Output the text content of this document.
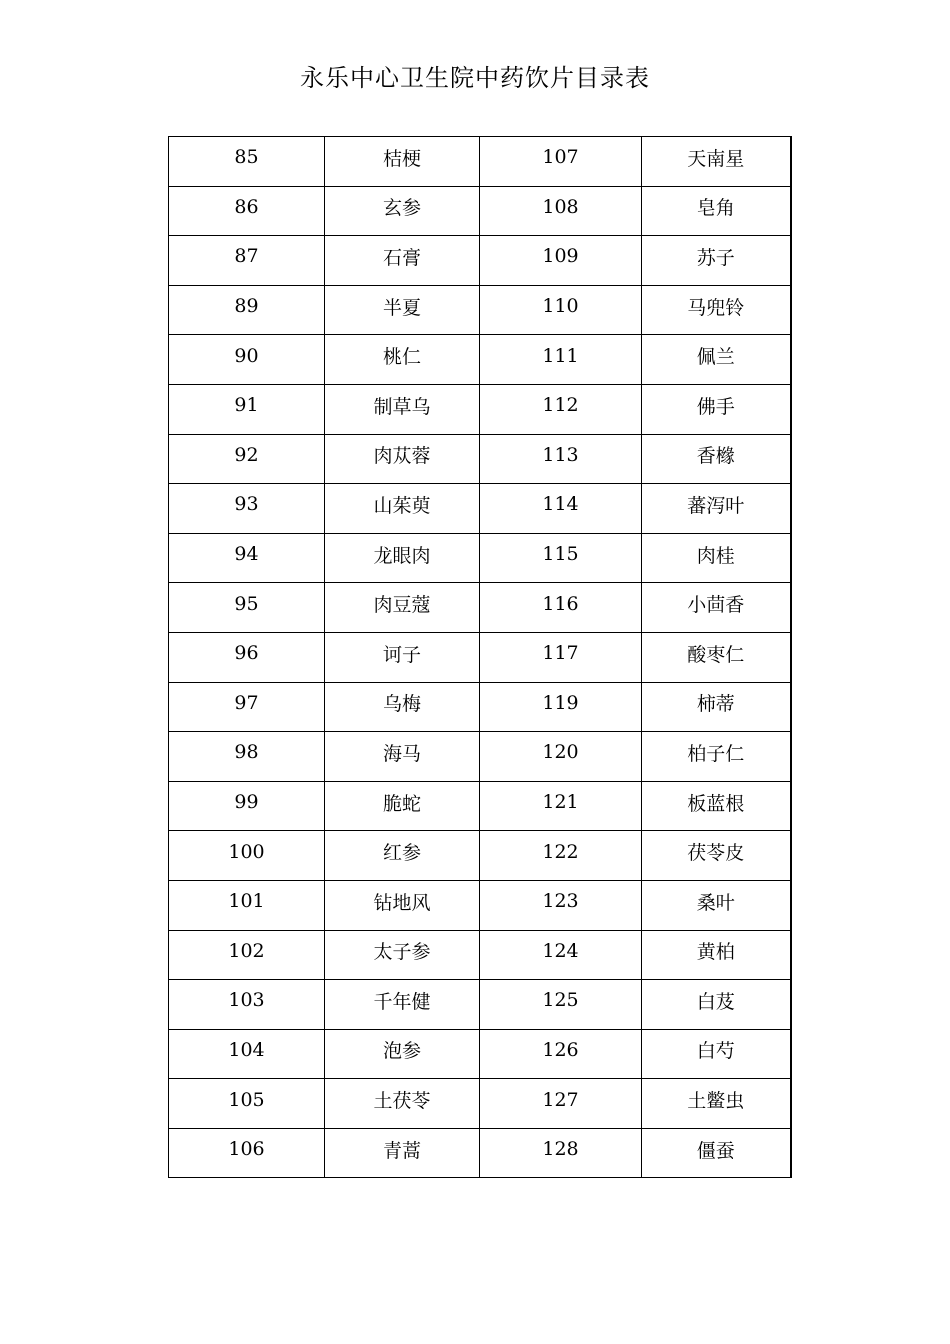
永乐中心卫生院中药饮片目录表
85	桔梗	107	天南星
86	玄参	108	皂角
87	石膏	109	苏子
89	半夏	110	马兜铃
90	桃仁	111	佩兰
91	制草乌	112	佛手
92	肉苁蓉	113	香橼
93	山茱萸	114	蕃泻叶
94	龙眼肉	115	肉桂
95	肉豆蔻	116	小茴香
96	诃子	117	酸枣仁
97	乌梅	119	柿蒂
98	海马	120	柏子仁
99	脆蛇	121	板蓝根
100	红参	122	茯苓皮
101	钻地风	123	桑叶
102	太子参	124	黄柏
103	千年健	125	白芨
104	泡参	126	白芍
105	土茯苓	127	土鳖虫
106	青蒿	128	僵蚕
